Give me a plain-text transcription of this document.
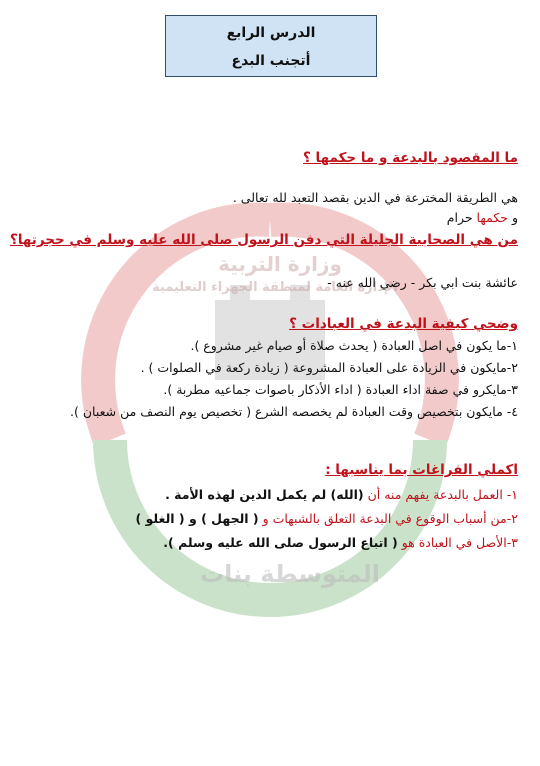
وزارة التربية
الإدارة العامة لمنطقة الجهراء التعليمية
المتوسطة بنات
الدرس الرابع
أتجنب البدع
ما المقصود بالبدعة و ما حكمها ؟
هي الطريقة المخترعة في الدين بقصد التعبد لله تعالى .
و حكمها حرام
من هي الصحابية الجليلة التي دفن الرسول صلى الله عليه وسلم في حجرتها؟
عائشة بنت ابي بكر - رضي الله عنه -
وضحي كيفية البدعة في العبادات ؟
١-ما يكون في اصل العبادة ( يحدث صلاة أو صيام غير مشروع ).
٢-مايكون في الزيادة على العبادة المشروعة ( زيادة ركعة في الصلوات ) .
٣-مايكرو في صفة اداء العبادة ( اداء الأذكار باصوات جماعيه مطربة ).
٤- مايكون بتخصيص وقت العبادة لم يخصصه الشرع ( تخصيص يوم النصف من شعبان ).
اكملي الفراغات بما يناسبها :
١- العمل بالبدعة يفهم منه أن (الله) لم يكمل الدين لهذه الأمة .
٢-من أسباب الوقوع في البدعة التعلق بالشبهات و ( الجهل ) و ( الغلو )
٣-الأصل في العبادة هو ( اتباع الرسول صلى الله عليه وسلم ).
